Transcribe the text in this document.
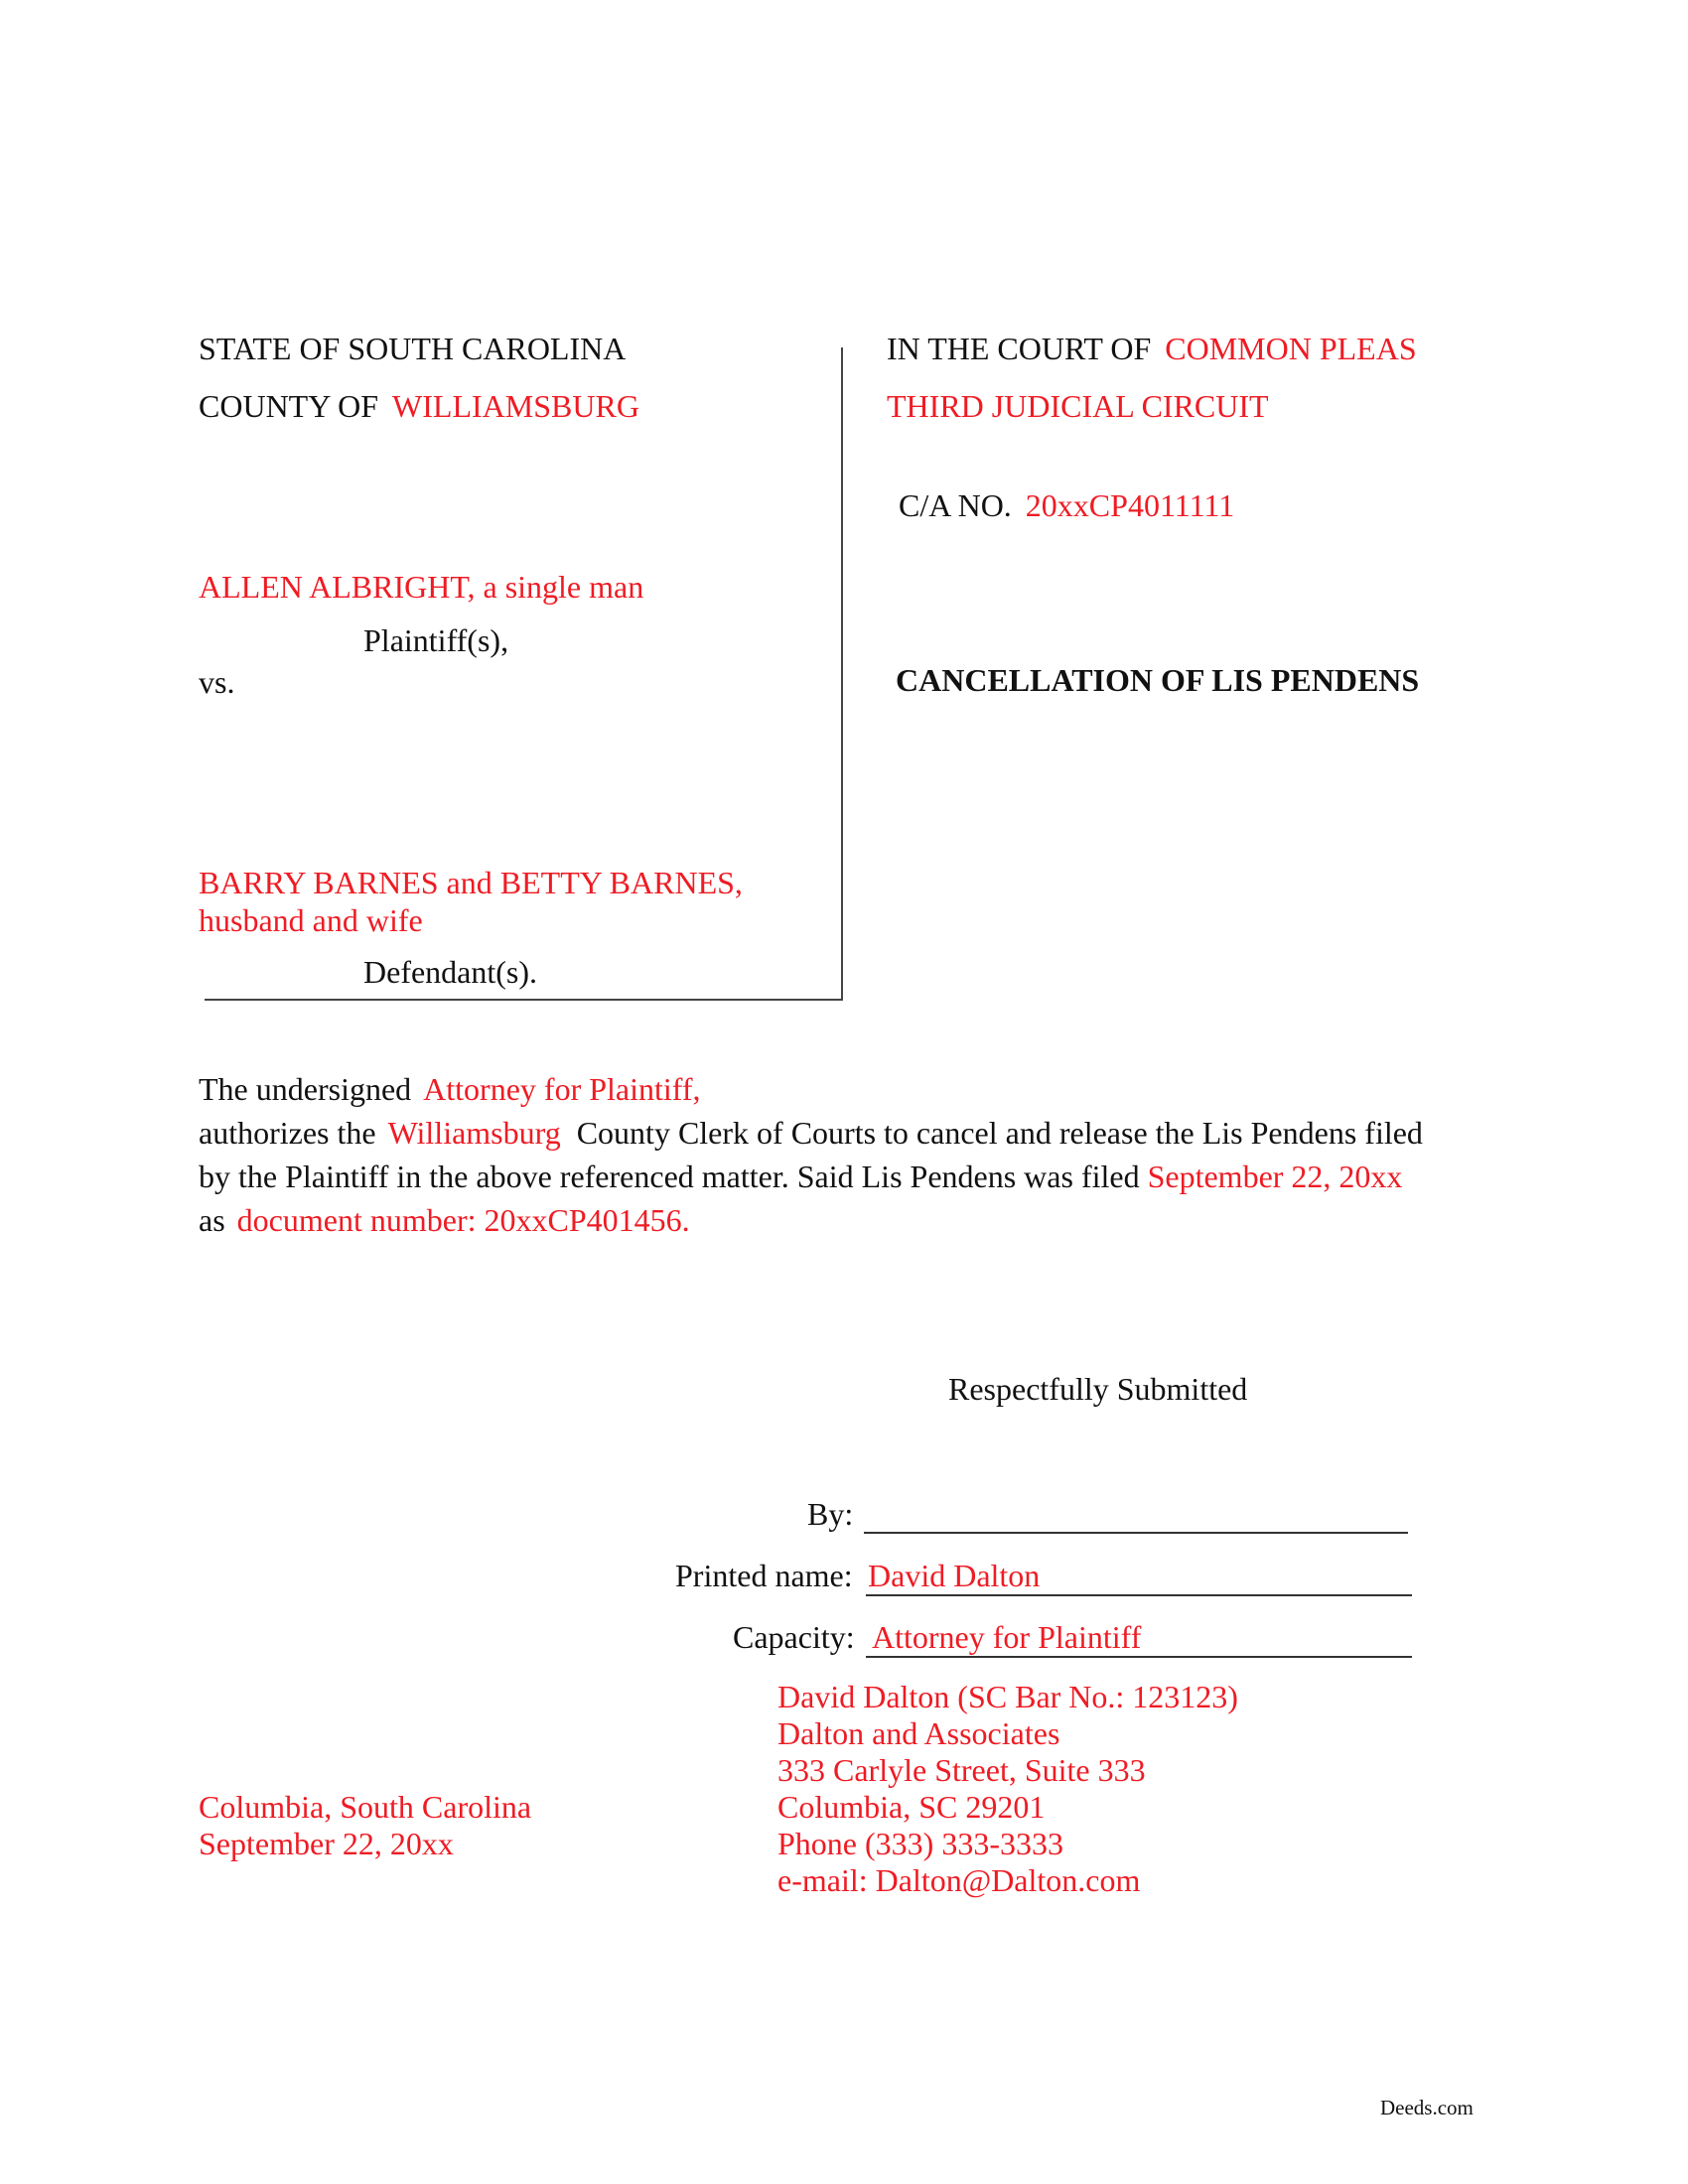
STATE OF SOUTH CAROLINA
COUNTY OF WILLIAMSBURG
ALLEN ALBRIGHT, a single man
Plaintiff(s),
vs.
BARRY BARNES and BETTY BARNES,
husband and wife
Defendant(s).
IN THE COURT OF COMMON PLEAS
THIRD JUDICIAL CIRCUIT
C/A NO. 20xxCP4011111
CANCELLATION OF LIS PENDENS
The undersigned Attorney for Plaintiff,
authorizes the Williamsburg County Clerk of Courts to cancel and release the Lis Pendens filed
by the Plaintiff in the above referenced matter. Said Lis Pendens was filed September 22, 20xx
as document number: 20xxCP401456.
Respectfully Submitted
By:
Printed name: David Dalton
Capacity: Attorney for Plaintiff
David Dalton (SC Bar No.: 123123)
Dalton and Associates
333 Carlyle Street, Suite 333
Columbia, SC 29201
Phone (333) 333-3333
e-mail: Dalton@Dalton.com
Columbia, South Carolina
September 22, 20xx
Deeds.com
